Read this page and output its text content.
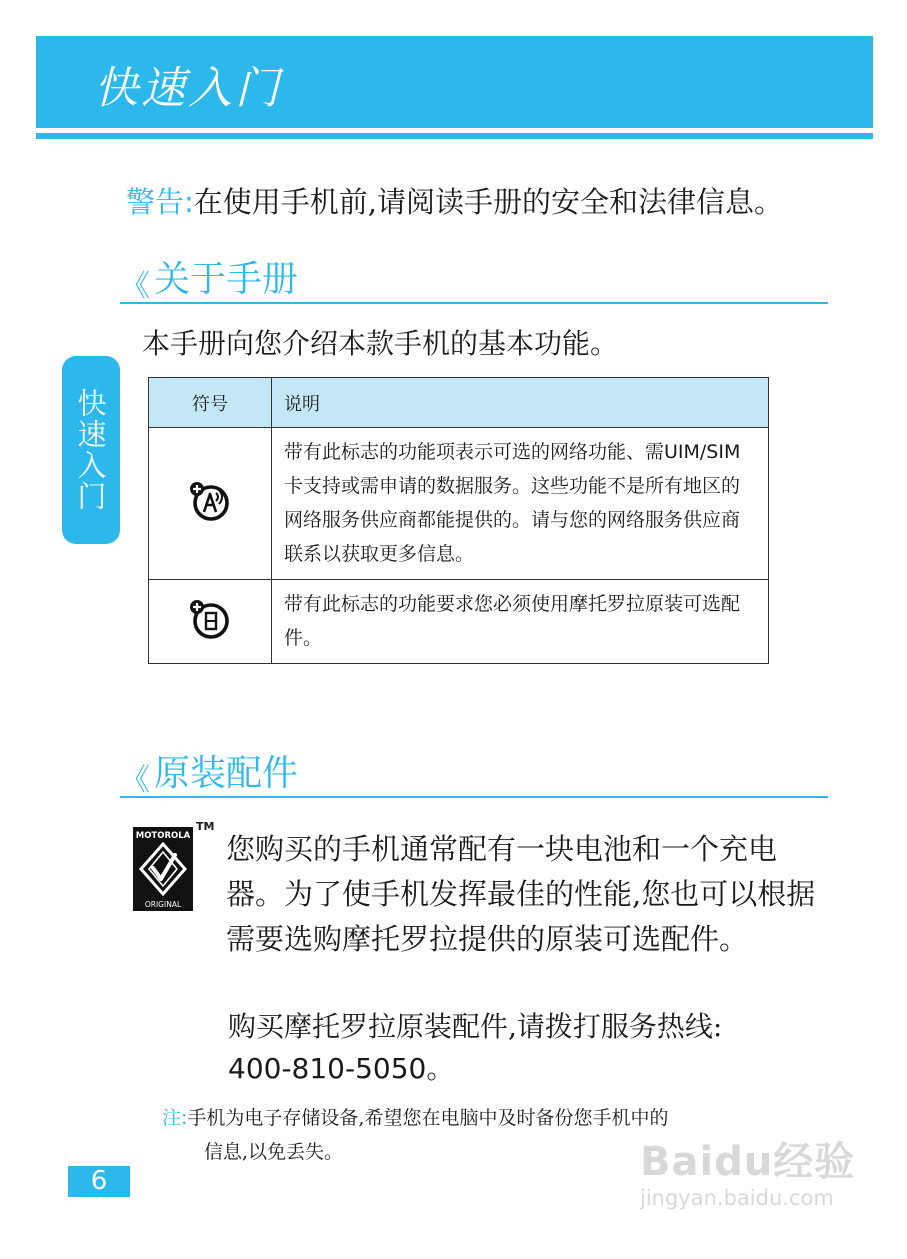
快速入门
警告:在使用手机前,请阅读手册的安全和法律信息。
《 关于手册
快速入门
本手册向您介绍本款手机的基本功能。
符号	说明
	带有此标志的功能项表示可选的网络功能、需UIM/SIM 卡支持或需申请的数据服务。这些功能不是所有地区的网络服务供应商都能提供的。请与您的网络服务供应商联系以获取更多信息。
	带有此标志的功能要求您必须使用摩托罗拉原装可选配件。
《 原装配件
MOTOROLA
ORIGINAL
TM
您购买的手机通常配有一块电池和一个充电器。为了使手机发挥最佳的性能,您也可以根据需要选购摩托罗拉提供的原装可选配件。
购买摩托罗拉原装配件,请拨打服务热线:
400-810-5050。
注:手机为电子存储设备,希望您在电脑中及时备份您手机中的
信息,以免丢失。
6	Baidu经验
jingyan.baidu.com
